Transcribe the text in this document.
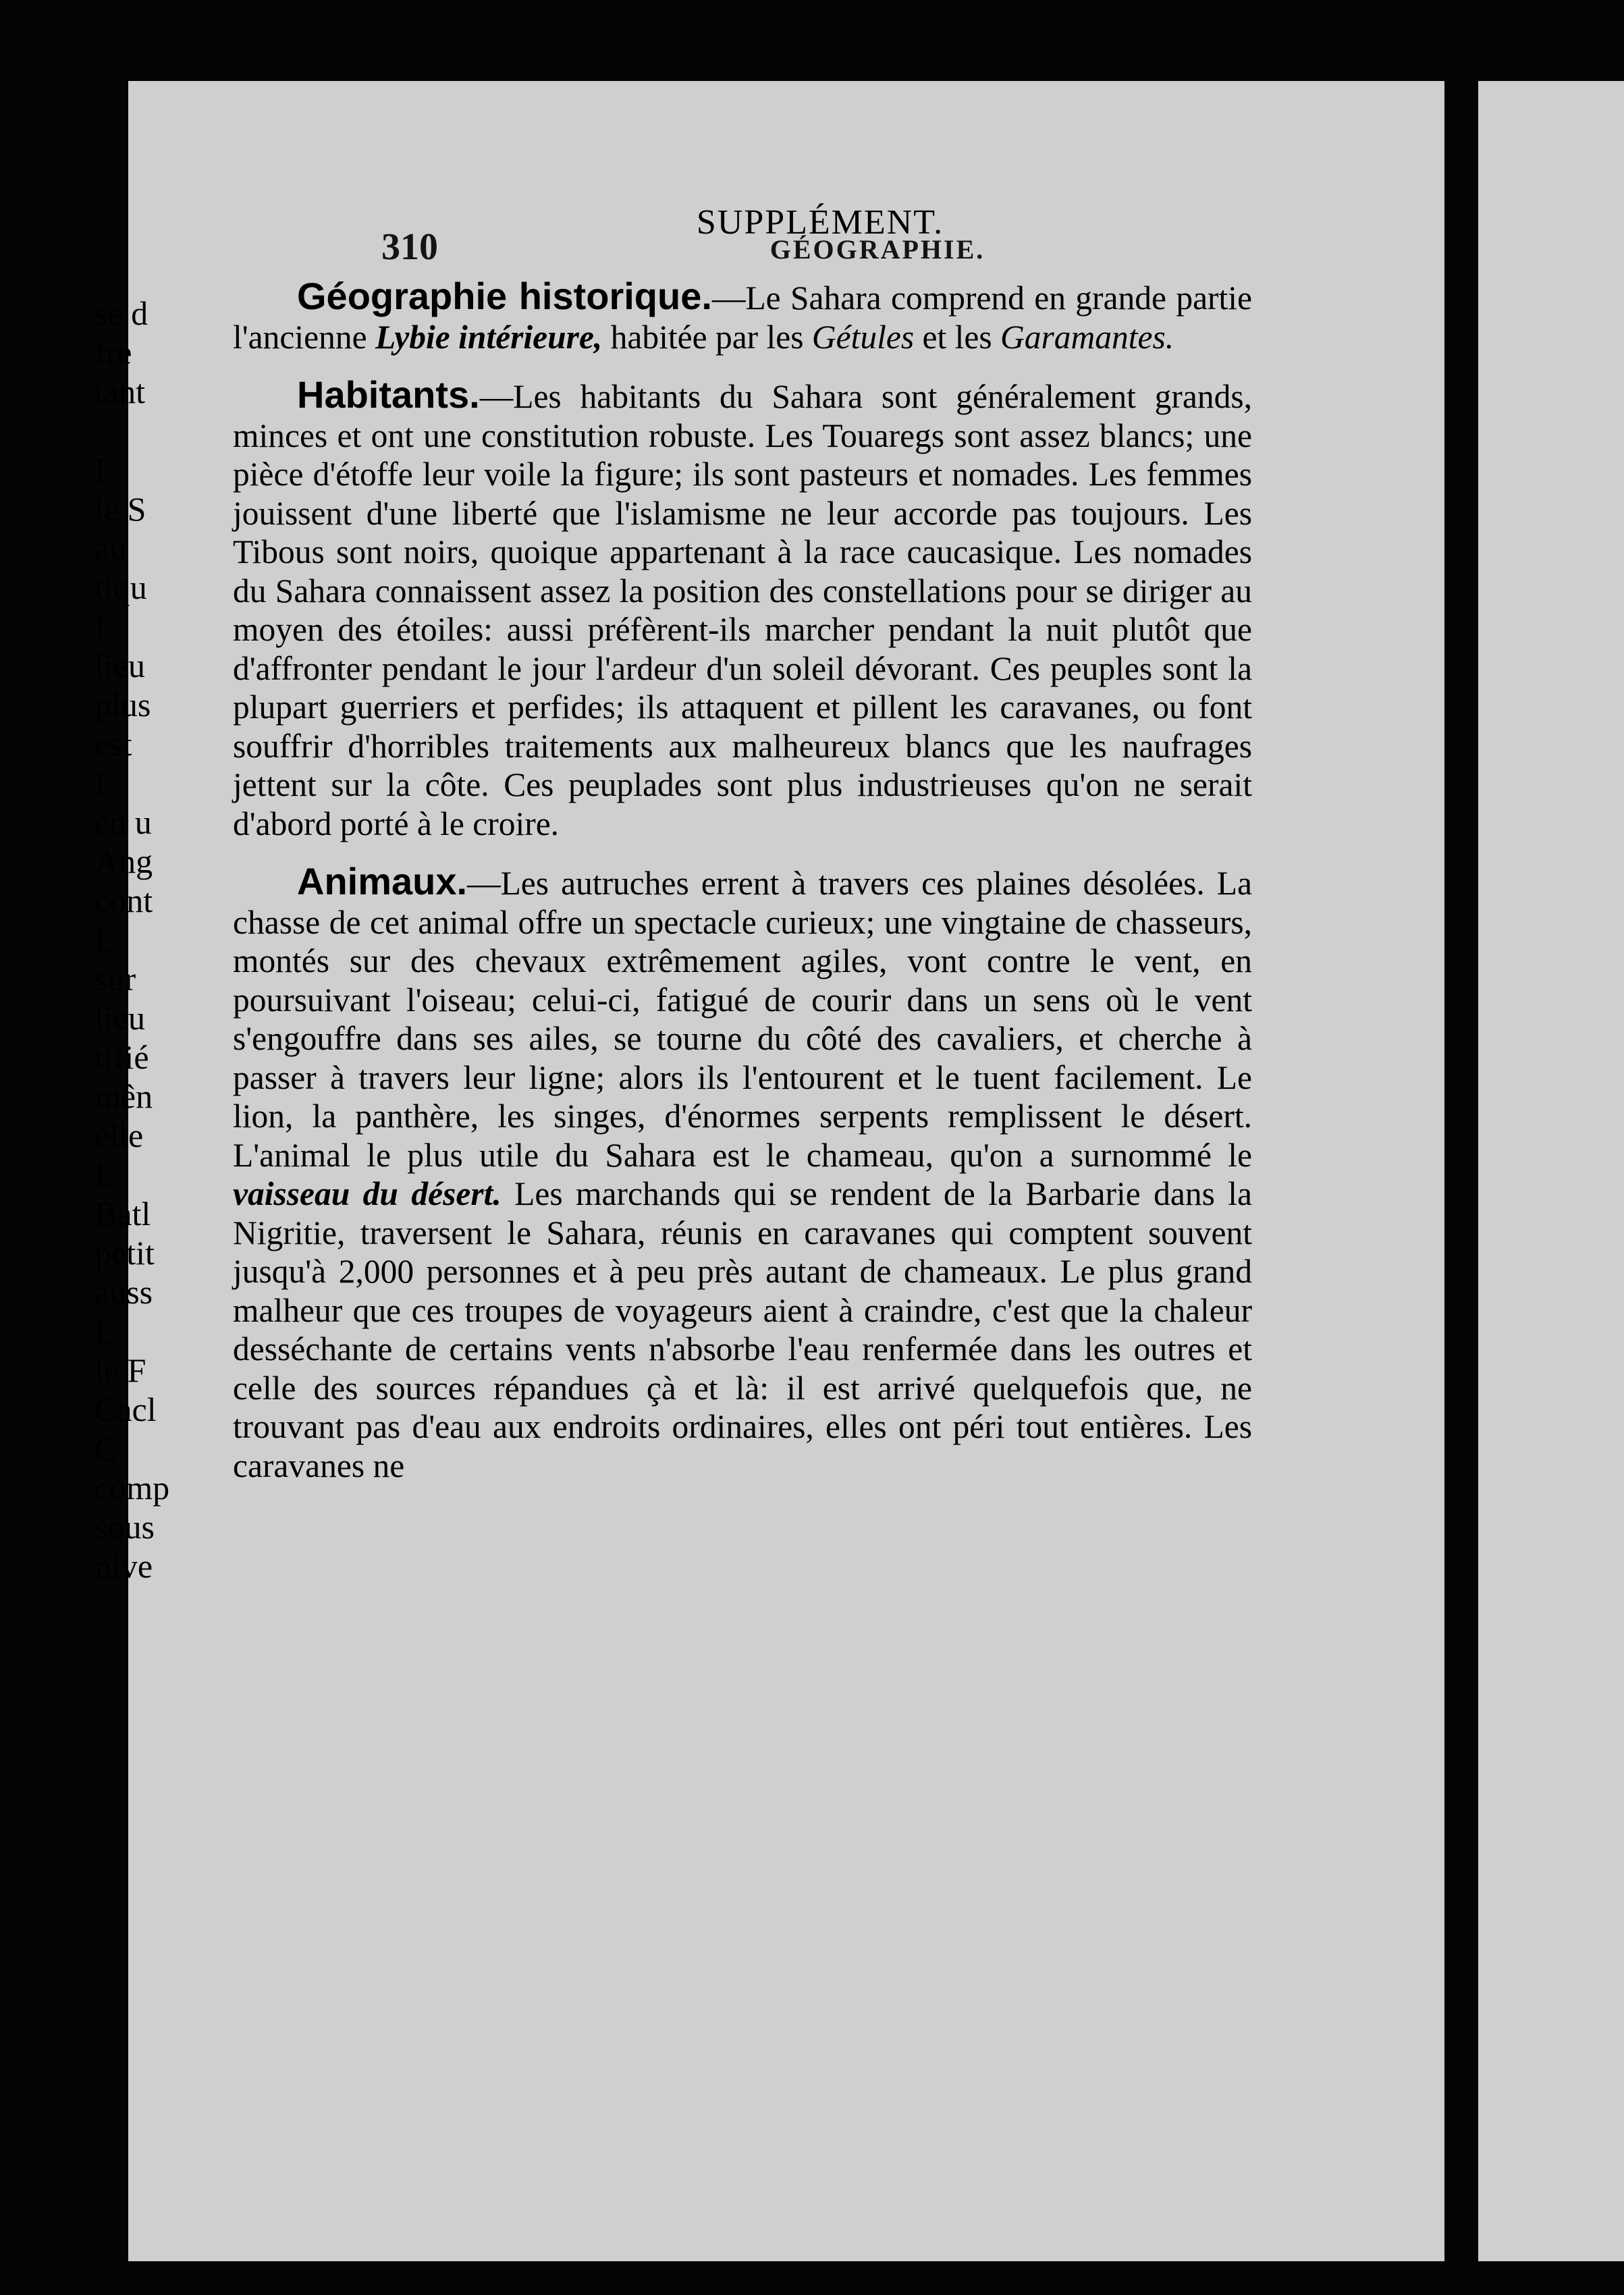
310	GÉOGRAPHIE.
SUPPLÉMENT.

Géographie historique.—Le Sahara comprend en grande partie l'ancienne Lybie intérieure, habitée par les Gétules et les Garamantes.

Habitants.—Les habitants du Sahara sont généralement grands, minces et ont une constitution robuste. Les Touaregs sont assez blancs; une pièce d'étoffe leur voile la figure; ils sont pasteurs et nomades. Les femmes jouissent d'une liberté que l'islamisme ne leur accorde pas toujours. Les Tibous sont noirs, quoique appartenant à la race caucasique. Les nomades du Sahara connaissent assez la position des constellations pour se diriger au moyen des étoiles: aussi préfèrent-ils marcher pendant la nuit plutôt que d'affronter pendant le jour l'ardeur d'un soleil dévorant. Ces peuples sont la plupart guerriers et perfides; ils attaquent et pillent les caravanes, ou font souffrir d'horribles traitements aux malheureux blancs que les naufrages jettent sur la côte. Ces peuplades sont plus industrieuses qu'on ne serait d'abord porté à le croire.

Animaux.—Les autruches errent à travers ces plaines désolées. La chasse de cet animal offre un spectacle curieux; une vingtaine de chasseurs, montés sur des chevaux extrêmement agiles, vont contre le vent, en poursuivant l'oiseau; celui-ci, fatigué de courir dans un sens où le vent s'engouffre dans ses ailes, se tourne du côté des cavaliers, et cherche à passer à travers leur ligne; alors ils l'entourent et le tuent facilement. Le lion, la panthère, les singes, d'énormes serpents remplissent le désert. L'animal le plus utile du Sahara est le chameau, qu'on a surnommé le vaisseau du désert. Les marchands qui se rendent de la Barbarie dans la Nigritie, traversent le Sahara, réunis en caravanes qui comptent souvent jusqu'à 2,000 personnes et à peu près autant de chameaux. Le plus grand malheur que ces troupes de voyageurs aient à craindre, c'est que la chaleur desséchante de certains vents n'absorbe l'eau renfermée dans les outres et celle des sources répandues çà et là: il est arrivé quelquefois que, ne trouvant pas d'eau aux endroits ordinaires, elles ont péri tout entières. Les caravanes ne

se d
fre
tant
I
le S
au
tiqu
I
lieu
plus
est
I
en u
Ang
cont
L
sur
lieu
tifié
mên
elle
L
Batl
petit
auss
L
le F
Cacl
C
comp
sous
nive
